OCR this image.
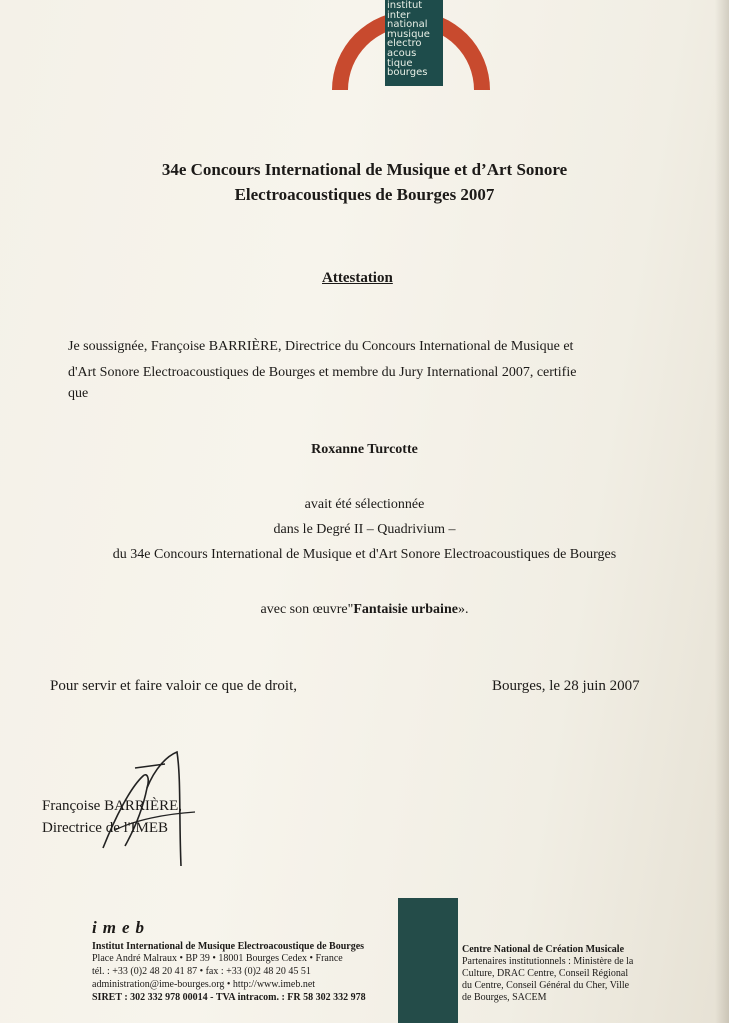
institut
inter
national
musique
electro
acous
tique
bourges
34e Concours International de Musique et d’Art Sonore
Electroacoustiques de Bourges 2007
Attestation
Je soussignée, Françoise BARRIÈRE, Directrice du Concours International de Musique et
d'Art Sonore Electroacoustiques de Bourges et membre du Jury International 2007, certifie
que
Roxanne Turcotte
avait été sélectionnée
dans le Degré II – Quadrivium –
du 34e Concours International de Musique et d'Art Sonore Electroacoustiques de Bourges
avec son œuvre"Fantaisie urbaine».
Pour servir et faire valoir ce que de droit,	Bourges, le 28 juin 2007
Françoise BARRIÈRE,
Directrice de l'IMEB
imeb
Institut International de Musique Electroacoustique de Bourges
Place André Malraux • BP 39 • 18001 Bourges Cedex • France
tél. : +33 (0)2 48 20 41 87 • fax : +33 (0)2 48 20 45 51
administration@ime-bourges.org • http://www.imeb.net
SIRET : 302 332 978 00014 - TVA intracom. : FR 58 302 332 978
Centre National de Création Musicale
Partenaires institutionnels : Ministère de la
Culture, DRAC Centre, Conseil Régional
du Centre, Conseil Général du Cher, Ville
de Bourges, SACEM
